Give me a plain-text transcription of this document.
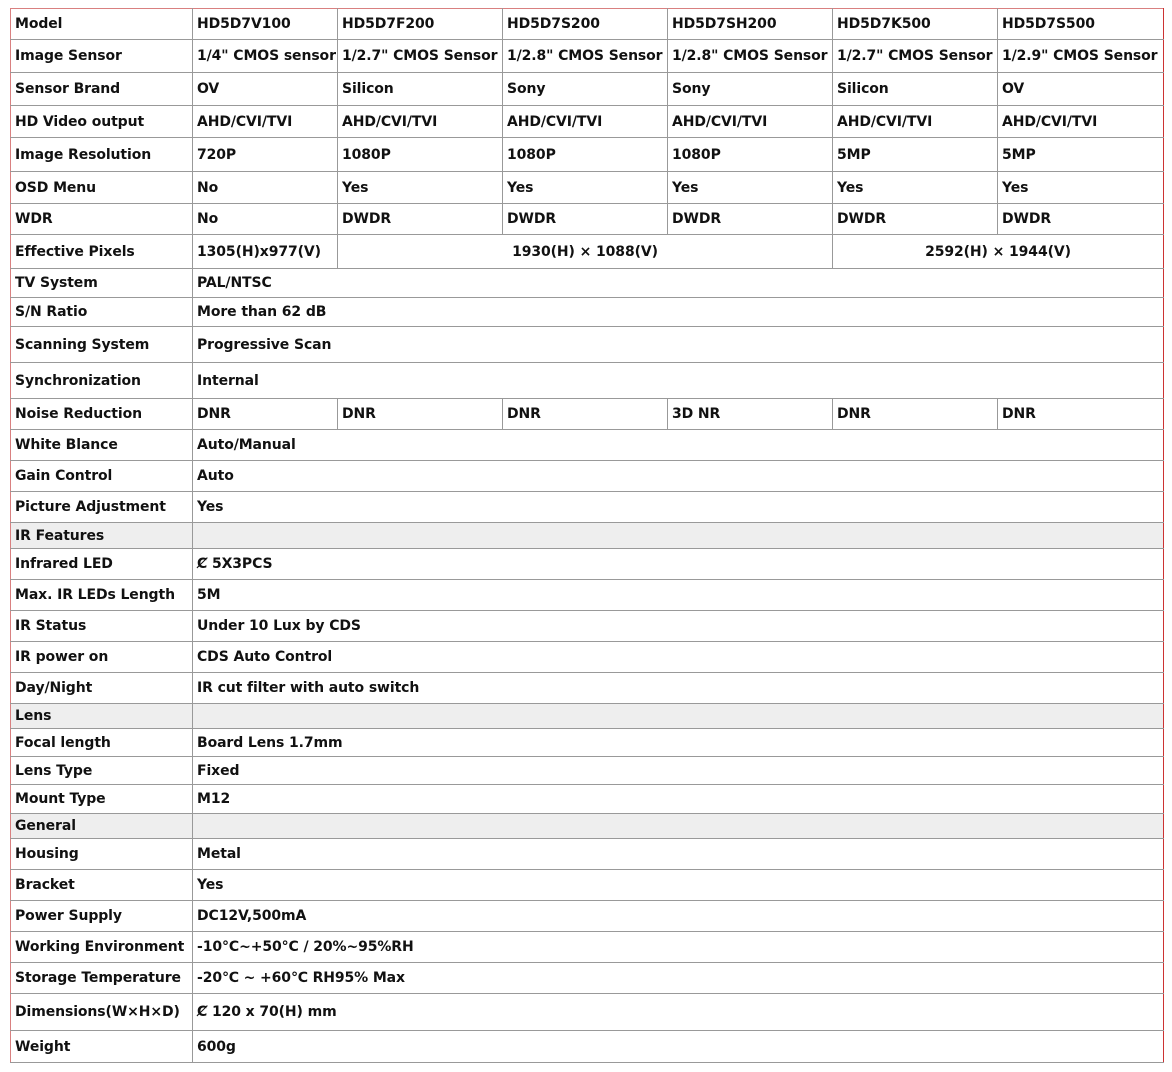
Model	HD5D7V100	HD5D7F200	HD5D7S200	HD5D7SH200	HD5D7K500	HD5D7S500
Image Sensor	1/4" CMOS sensor	1/2.7" CMOS Sensor	1/2.8" CMOS Sensor	1/2.8" CMOS Sensor	1/2.7" CMOS Sensor	1/2.9" CMOS Sensor
Sensor Brand	OV	Silicon	Sony	Sony	Silicon	OV
HD Video output	AHD/CVI/TVI	AHD/CVI/TVI	AHD/CVI/TVI	AHD/CVI/TVI	AHD/CVI/TVI	AHD/CVI/TVI
Image Resolution	720P	1080P	1080P	1080P	5MP	5MP
OSD Menu	No	Yes	Yes	Yes	Yes	Yes
WDR	No	DWDR	DWDR	DWDR	DWDR	DWDR
Effective Pixels	1305(H)x977(V)	1930(H) × 1088(V)			2592(H) × 1944(V)	
TV System	PAL/NTSC					
S/N Ratio	More than 62 dB					
Scanning System	Progressive Scan					
Synchronization	Internal					
Noise Reduction	DNR	DNR	DNR	3D NR	DNR	DNR
White Blance	Auto/Manual					
Gain Control	Auto					
Picture Adjustment	Yes					
IR Features						
Infrared LED	Ȼ 5X3PCS					
Max. IR LEDs Length	5M					
IR Status	Under 10 Lux by CDS					
IR power on	CDS Auto Control					
Day/Night	IR cut filter with auto switch					
Lens						
Focal length	Board Lens 1.7mm					
Lens Type	Fixed					
Mount Type	M12					
General						
Housing	Metal					
Bracket	Yes					
Power Supply	DC12V,500mA					
Working Environment	-10°C~+50°C / 20%~95%RH					
Storage Temperature	-20℃ ~ +60℃ RH95% Max					
Dimensions(W×H×D)	Ȼ 120 x 70(H) mm					
Weight	600g					
